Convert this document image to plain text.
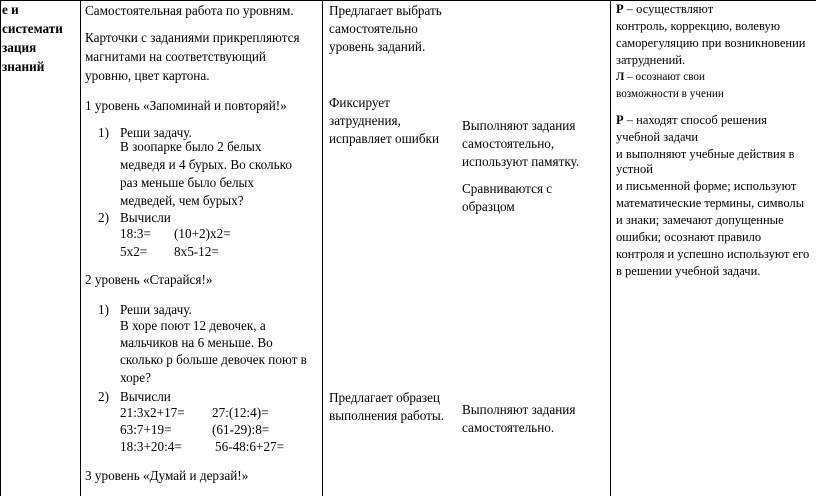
е и
системати
зация
знаний
Самостоятельная работа по уровням.
Карточки с заданиями прикрепляются
магнитами на соответствующий
уровню, цвет картона.
1 уровень «Запоминай и повторяй!»
1) Реши задачу.
В зоопарке было 2 белых
медведя и 4 бурых. Во сколько
раз меньше было белых
медведей, чем бурых?
2) Вычисли
18:3= (10+2)x2=
5x2= 8x5-12=
2 уровень «Старайся!»
1) Реши задачу.
В хоре поют 12 девочек, а
мальчиков на 6 меньше. Во
сколько р больше девочек поют в
хоре?
2) Вычисли
21:3x2+17= 27:(12:4)=
63:7+19=	(61-29):8=
18:3+20:4=	56-48:6+27=
3 уровень «Думай и дерзай!»
Предлагает выбрать
самостоятельно
уровень заданий.
Фиксирует
затруднения,
исправляет ошибки
Предлагает образец
выполнения работы.
Выполняют задания
самостоятельно,
используют памятку.
Сравниваются с
образцом
Выполняют задания
самостоятельно.
Р – осуществляют
контроль, коррекцию, волевую
саморегуляцию при возникновении
затруднений.
Л – осознают свои
возможности в учении
Р – находят способ решения
учебной задачи
и выполняют учебные действия в
устной
и письменной форме; используют
математические термины, символы
и знаки; замечают допущенные
ошибки; осознают правило
контроля и успешно используют его
в решении учебной задачи.
